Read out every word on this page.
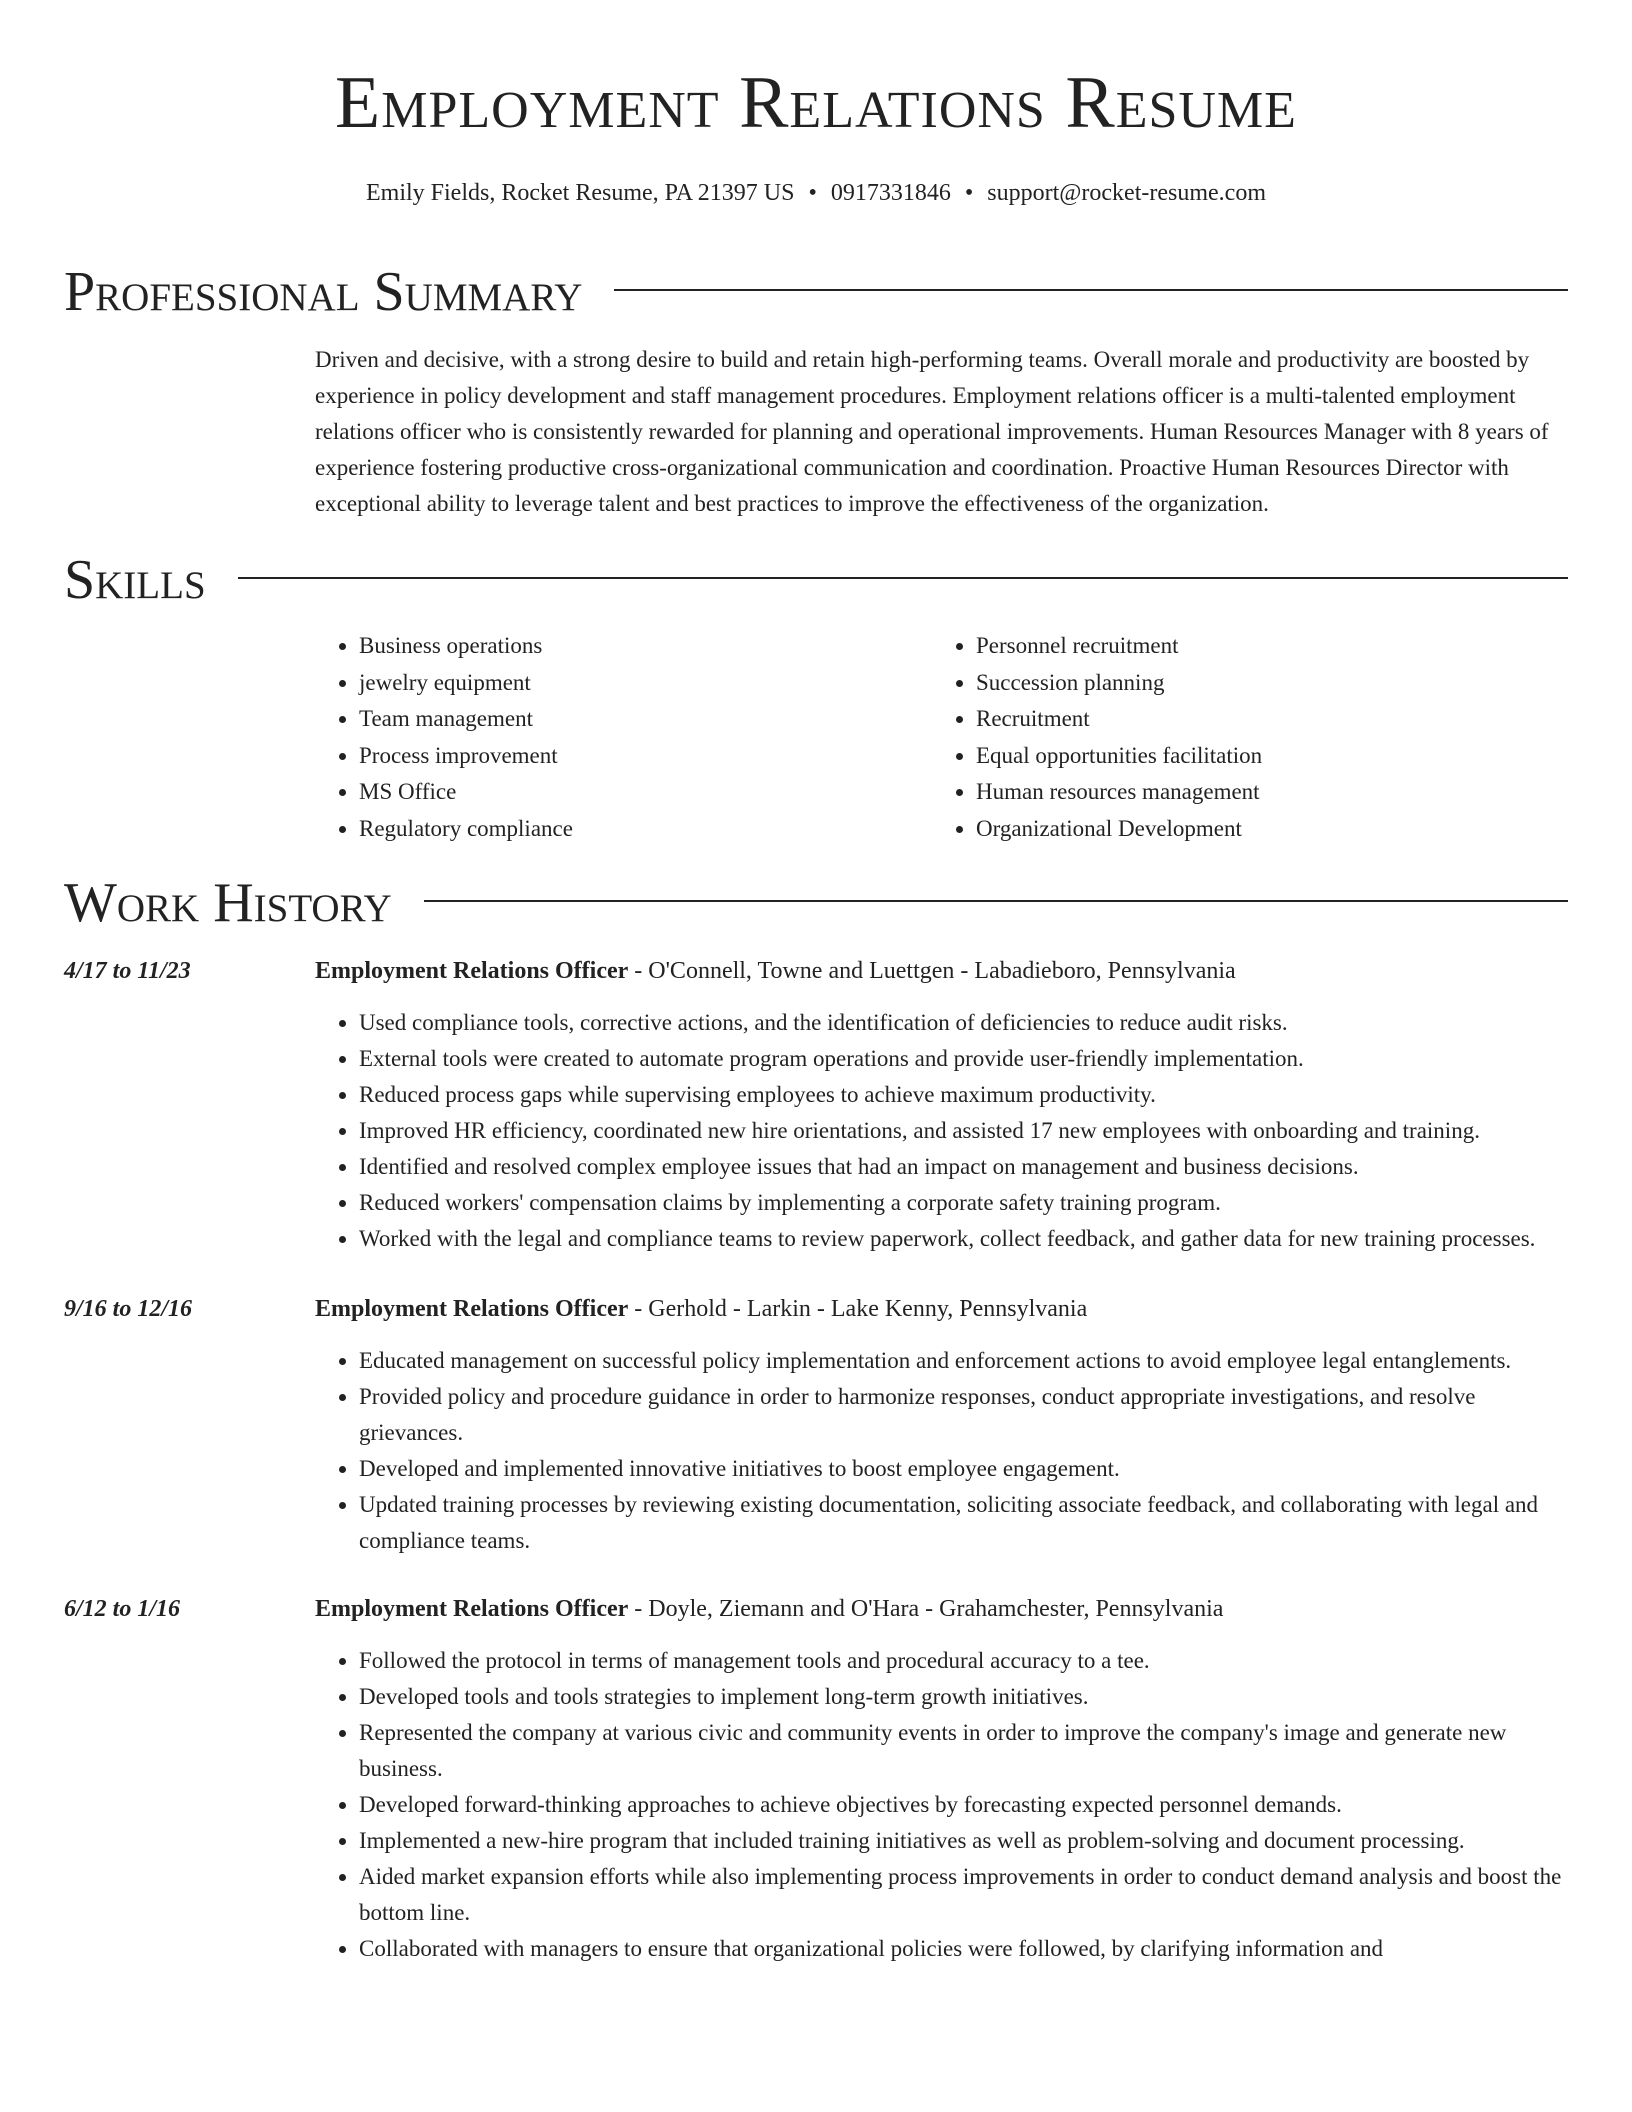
Employment Relations Resume
Emily Fields, Rocket Resume, PA 21397 US • 0917331846 • support@rocket-resume.com
Professional Summary
Driven and decisive, with a strong desire to build and retain high-performing teams. Overall morale and productivity are boosted by experience in policy development and staff management procedures. Employment relations officer is a multi-talented employment relations officer who is consistently rewarded for planning and operational improvements. Human Resources Manager with 8 years of experience fostering productive cross-organizational communication and coordination. Proactive Human Resources Director with exceptional ability to leverage talent and best practices to improve the effectiveness of the organization.
Skills
• Business operations
• jewelry equipment
• Team management
• Process improvement
• MS Office
• Regulatory compliance
• Personnel recruitment
• Succession planning
• Recruitment
• Equal opportunities facilitation
• Human resources management
• Organizational Development
Work History
4/17 to 11/23	Employment Relations Officer - O'Connell, Towne and Luettgen - Labadieboro, Pennsylvania
• Used compliance tools, corrective actions, and the identification of deficiencies to reduce audit risks.
• External tools were created to automate program operations and provide user-friendly implementation.
• Reduced process gaps while supervising employees to achieve maximum productivity.
• Improved HR efficiency, coordinated new hire orientations, and assisted 17 new employees with onboarding and training.
• Identified and resolved complex employee issues that had an impact on management and business decisions.
• Reduced workers' compensation claims by implementing a corporate safety training program.
• Worked with the legal and compliance teams to review paperwork, collect feedback, and gather data for new training processes.
9/16 to 12/16	Employment Relations Officer - Gerhold - Larkin - Lake Kenny, Pennsylvania
• Educated management on successful policy implementation and enforcement actions to avoid employee legal entanglements.
• Provided policy and procedure guidance in order to harmonize responses, conduct appropriate investigations, and resolve grievances.
• Developed and implemented innovative initiatives to boost employee engagement.
• Updated training processes by reviewing existing documentation, soliciting associate feedback, and collaborating with legal and compliance teams.
6/12 to 1/16	Employment Relations Officer - Doyle, Ziemann and O'Hara - Grahamchester, Pennsylvania
• Followed the protocol in terms of management tools and procedural accuracy to a tee.
• Developed tools and tools strategies to implement long-term growth initiatives.
• Represented the company at various civic and community events in order to improve the company's image and generate new business.
• Developed forward-thinking approaches to achieve objectives by forecasting expected personnel demands.
• Implemented a new-hire program that included training initiatives as well as problem-solving and document processing.
• Aided market expansion efforts while also implementing process improvements in order to conduct demand analysis and boost the bottom line.
• Collaborated with managers to ensure that organizational policies were followed, by clarifying information and
